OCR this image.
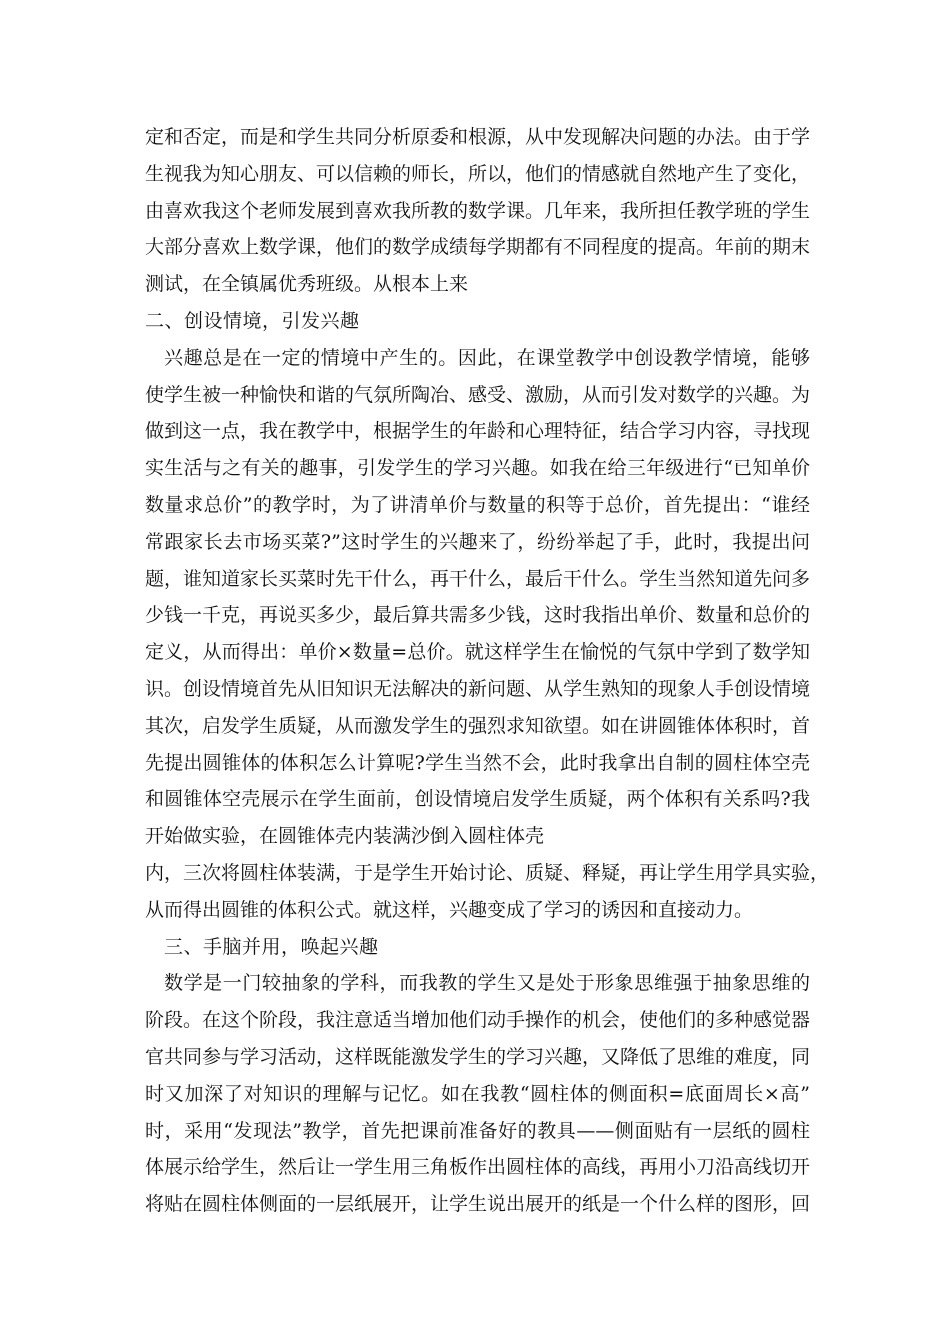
定和否定，而是和学生共同分析原委和根源，从中发现解决问题的办法。由于学
生视我为知心朋友、可以信赖的师长，所以，他们的情感就自然地产生了变化，
由喜欢我这个老师发展到喜欢我所教的数学课。几年来，我所担任教学班的学生
大部分喜欢上数学课，他们的数学成绩每学期都有不同程度的提高。年前的期末
测试，在全镇属优秀班级。从根本上来
二、创设情境，引发兴趣
兴趣总是在一定的情境中产生的。因此，在课堂教学中创设教学情境，能够
使学生被一种愉快和谐的气氛所陶冶、感受、激励，从而引发对数学的兴趣。为
做到这一点，我在教学中，根据学生的年龄和心理特征，结合学习内容，寻找现
实生活与之有关的趣事，引发学生的学习兴趣。如我在给三年级进行“已知单价
数量求总价”的教学时，为了讲清单价与数量的积等于总价，首先提出：“谁经
常跟家长去市场买菜?”这时学生的兴趣来了，纷纷举起了手，此时，我提出问
题，谁知道家长买菜时先干什么，再干什么，最后干什么。学生当然知道先问多
少钱一千克，再说买多少，最后算共需多少钱，这时我指出单价、数量和总价的
定义，从而得出：单价×数量=总价。就这样学生在愉悦的气氛中学到了数学知
识。创设情境首先从旧知识无法解决的新问题、从学生熟知的现象人手创设情境
其次，启发学生质疑，从而激发学生的强烈求知欲望。如在讲圆锥体体积时，首
先提出圆锥体的体积怎么计算呢?学生当然不会，此时我拿出自制的圆柱体空壳
和圆锥体空壳展示在学生面前，创设情境启发学生质疑，两个体积有关系吗?我
开始做实验，在圆锥体壳内装满沙倒入圆柱体壳
内，三次将圆柱体装满，于是学生开始讨论、质疑、释疑，再让学生用学具实验，
从而得出圆锥的体积公式。就这样，兴趣变成了学习的诱因和直接动力。
三、手脑并用，唤起兴趣
数学是一门较抽象的学科，而我教的学生又是处于形象思维强于抽象思维的
阶段。在这个阶段，我注意适当增加他们动手操作的机会，使他们的多种感觉器
官共同参与学习活动，这样既能激发学生的学习兴趣，又降低了思维的难度，同
时又加深了对知识的理解与记忆。如在我教“圆柱体的侧面积=底面周长×高”
时，采用“发现法”教学，首先把课前准备好的教具——侧面贴有一层纸的圆柱
体展示给学生，然后让一学生用三角板作出圆柱体的高线，再用小刀沿高线切开
将贴在圆柱体侧面的一层纸展开，让学生说出展开的纸是一个什么样的图形，回
